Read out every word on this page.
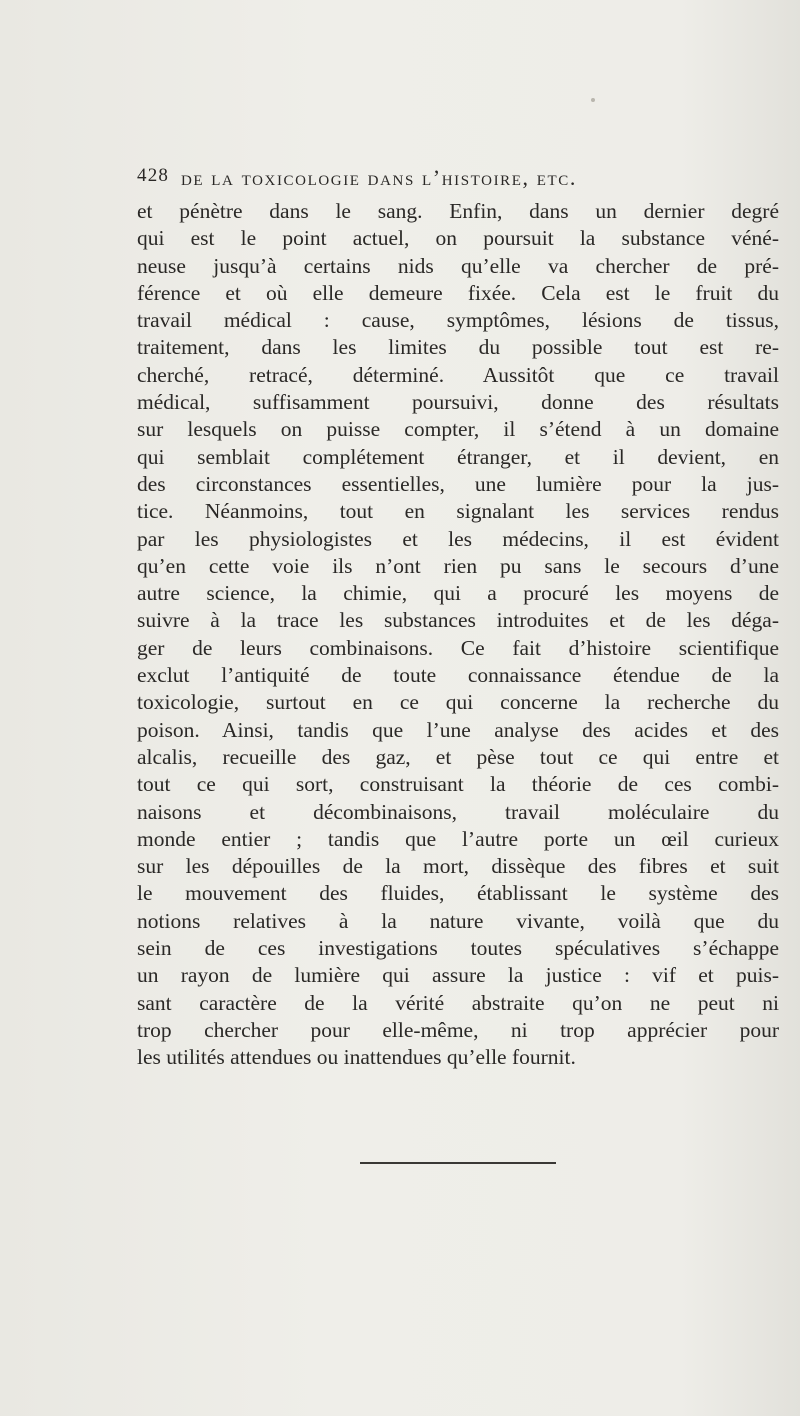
428 de la toxicologie dans l’histoire, etc.
et pénètre dans le sang. Enfin, dans un dernier degré
qui est le point actuel, on poursuit la substance véné-
neuse jusqu’à certains nids qu’elle va chercher de pré-
férence et où elle demeure fixée. Cela est le fruit du
travail médical : cause, symptômes, lésions de tissus,
traitement, dans les limites du possible tout est re-
cherché, retracé, déterminé. Aussitôt que ce travail
médical, suffisamment poursuivi, donne des résultats
sur lesquels on puisse compter, il s’étend à un domaine
qui semblait complétement étranger, et il devient, en
des circonstances essentielles, une lumière pour la jus-
tice. Néanmoins, tout en signalant les services rendus
par les physiologistes et les médecins, il est évident
qu’en cette voie ils n’ont rien pu sans le secours d’une
autre science, la chimie, qui a procuré les moyens de
suivre à la trace les substances introduites et de les déga-
ger de leurs combinaisons. Ce fait d’histoire scientifique
exclut l’antiquité de toute connaissance étendue de la
toxicologie, surtout en ce qui concerne la recherche du
poison. Ainsi, tandis que l’une analyse des acides et des
alcalis, recueille des gaz, et pèse tout ce qui entre et
tout ce qui sort, construisant la théorie de ces combi-
naisons et décombinaisons, travail moléculaire du
monde entier ; tandis que l’autre porte un œil curieux
sur les dépouilles de la mort, dissèque des fibres et suit
le mouvement des fluides, établissant le système des
notions relatives à la nature vivante, voilà que du
sein de ces investigations toutes spéculatives s’échappe
un rayon de lumière qui assure la justice : vif et puis-
sant caractère de la vérité abstraite qu’on ne peut ni
trop chercher pour elle-même, ni trop apprécier pour
les utilités attendues ou inattendues qu’elle fournit.
